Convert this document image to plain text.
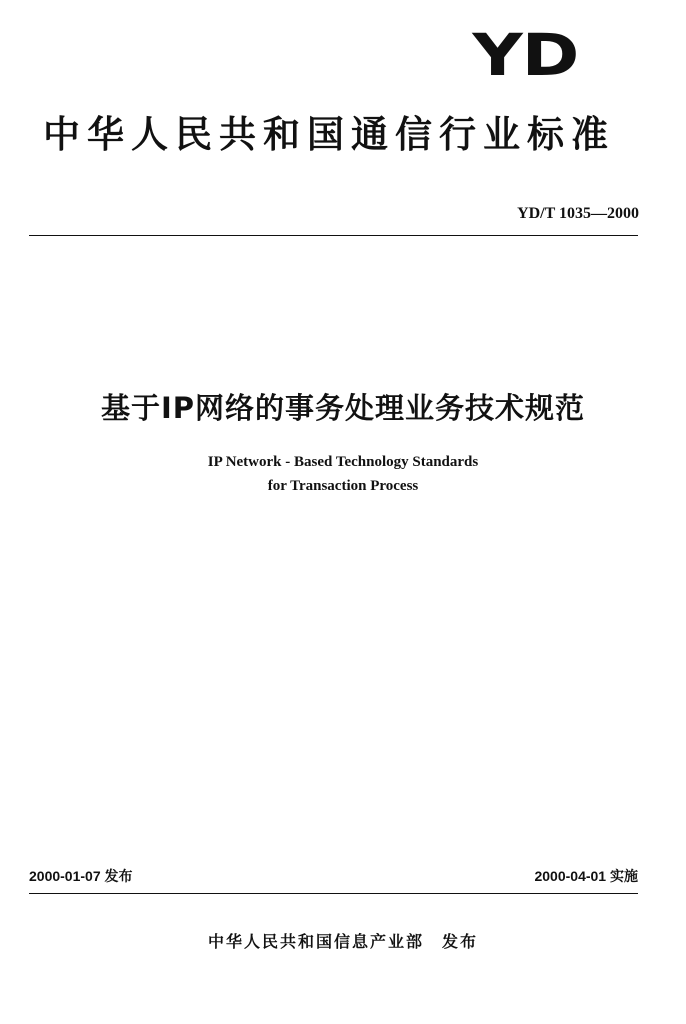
YD
中华人民共和国通信行业标准
YD/T 1035—2000
基于IP网络的事务处理业务技术规范
IP Network - Based Technology Standards
for Transaction Process
2000-01-07 发布	2000-04-01 实施
中华人民共和国信息产业部　发布
